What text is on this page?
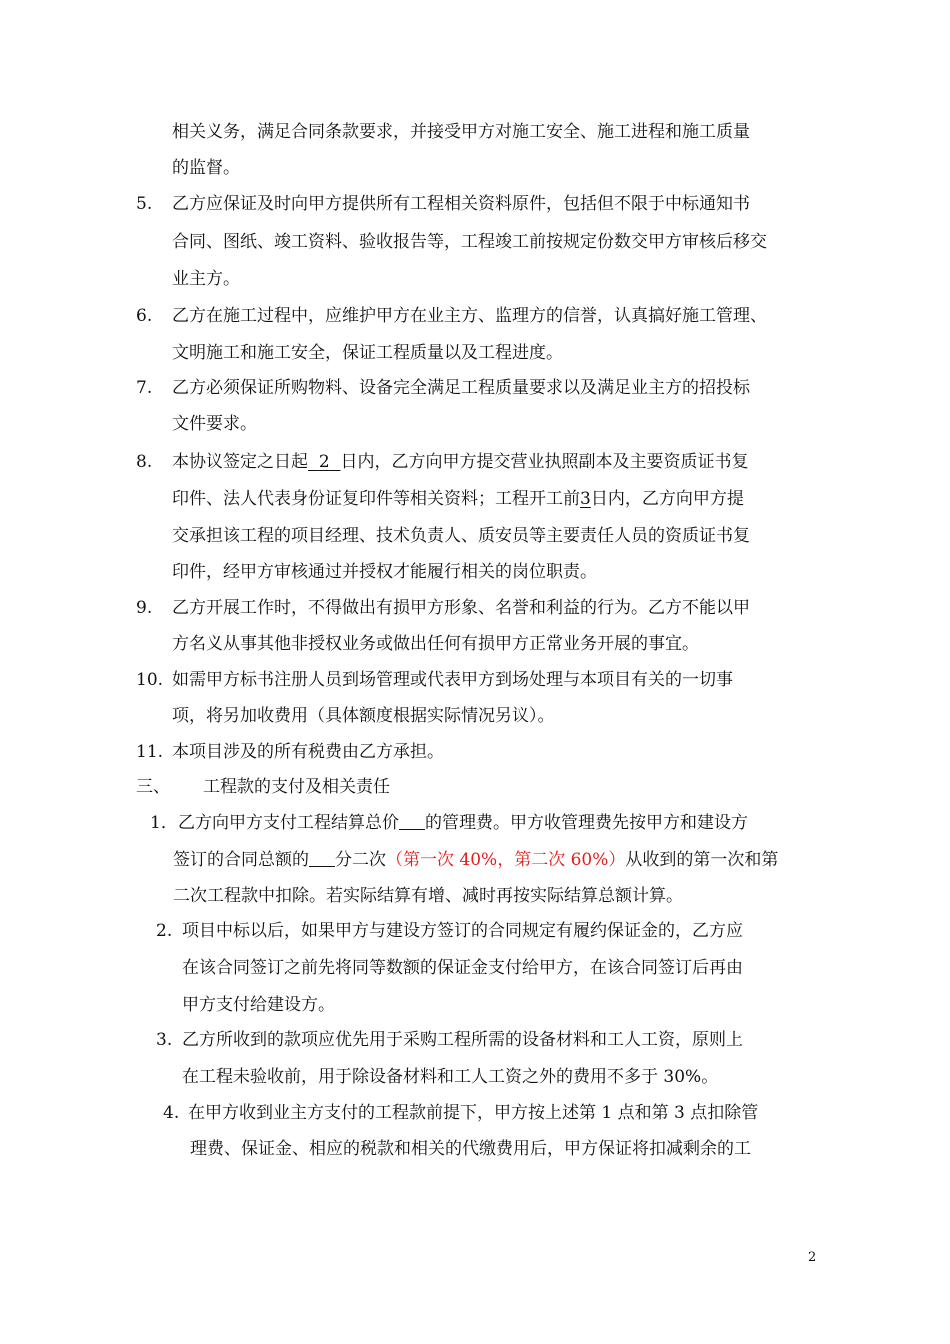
相关义务，满足合同条款要求，并接受甲方对施工安全、施工进程和施工质量
的监督。
5. 乙方应保证及时向甲方提供所有工程相关资料原件，包括但不限于中标通知书
合同、图纸、竣工资料、验收报告等，工程竣工前按规定份数交甲方审核后移交
业主方。
6. 乙方在施工过程中，应维护甲方在业主方、监理方的信誉，认真搞好施工管理、
文明施工和施工安全，保证工程质量以及工程进度。
7. 乙方必须保证所购物料、设备完全满足工程质量要求以及满足业主方的招投标
文件要求。
8. 本协议签定之日起 2 日内，乙方向甲方提交营业执照副本及主要资质证书复
印件、法人代表身份证复印件等相关资料；工程开工前3日内，乙方向甲方提
交承担该工程的项目经理、技术负责人、质安员等主要责任人员的资质证书复
印件，经甲方审核通过并授权才能履行相关的岗位职责。
9. 乙方开展工作时，不得做出有损甲方形象、名誉和利益的行为。乙方不能以甲
方名义从事其他非授权业务或做出任何有损甲方正常业务开展的事宜。
10. 如需甲方标书注册人员到场管理或代表甲方到场处理与本项目有关的一切事
项，将另加收费用（具体额度根据实际情况另议）。
11. 本项目涉及的所有税费由乙方承担。
三、 工程款的支付及相关责任
1． 乙方向甲方支付工程结算总价 的管理费。甲方收管理费先按甲方和建设方
签订的合同总额的 分二次（第一次 40%，第二次 60%）从收到的第一次和第
二次工程款中扣除。若实际结算有增、减时再按实际结算总额计算。
2. 项目中标以后，如果甲方与建设方签订的合同规定有履约保证金的，乙方应
在该合同签订之前先将同等数额的保证金支付给甲方，在该合同签订后再由
甲方支付给建设方。
3. 乙方所收到的款项应优先用于采购工程所需的设备材料和工人工资，原则上
在工程未验收前，用于除设备材料和工人工资之外的费用不多于 30%。
4. 在甲方收到业主方支付的工程款前提下，甲方按上述第 1 点和第 3 点扣除管
理费、保证金、相应的税款和相关的代缴费用后，甲方保证将扣减剩余的工
2
